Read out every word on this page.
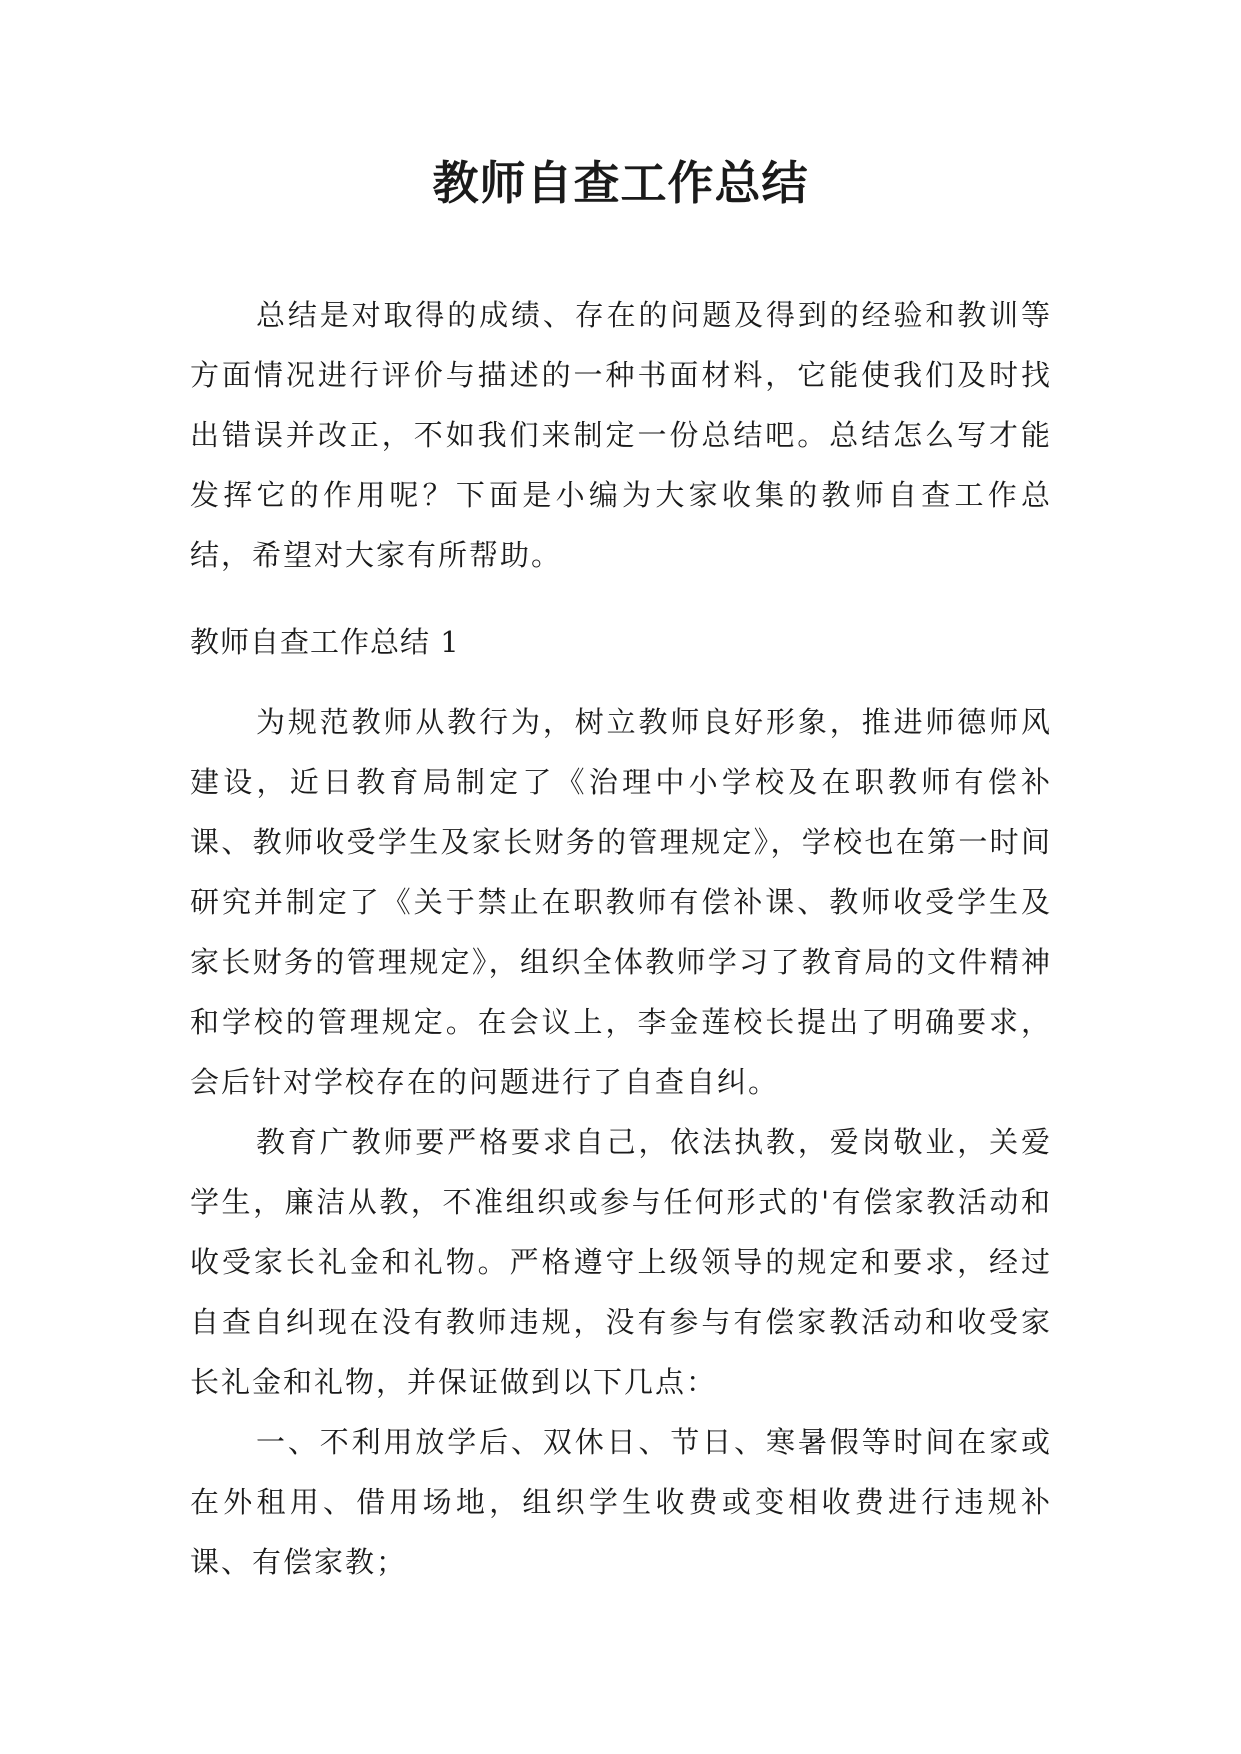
教师自查工作总结

总结是对取得的成绩、存在的问题及得到的经验和教训等方面情况进行评价与描述的一种书面材料，它能使我们及时找出错误并改正，不如我们来制定一份总结吧。总结怎么写才能发挥它的作用呢？下面是小编为大家收集的教师自查工作总结，希望对大家有所帮助。

教师自查工作总结 1

为规范教师从教行为，树立教师良好形象，推进师德师风建设，近日教育局制定了《治理中小学校及在职教师有偿补课、教师收受学生及家长财务的管理规定》，学校也在第一时间研究并制定了《关于禁止在职教师有偿补课、教师收受学生及家长财务的管理规定》，组织全体教师学习了教育局的文件精神和学校的管理规定。在会议上，李金莲校长提出了明确要求，会后针对学校存在的问题进行了自查自纠。

教育广教师要严格要求自己，依法执教，爱岗敬业，关爱学生，廉洁从教，不准组织或参与任何形式的'有偿家教活动和收受家长礼金和礼物。严格遵守上级领导的规定和要求，经过自查自纠现在没有教师违规，没有参与有偿家教活动和收受家长礼金和礼物，并保证做到以下几点：

一、不利用放学后、双休日、节日、寒暑假等时间在家或在外租用、借用场地，组织学生收费或变相收费进行违规补课、有偿家教；
